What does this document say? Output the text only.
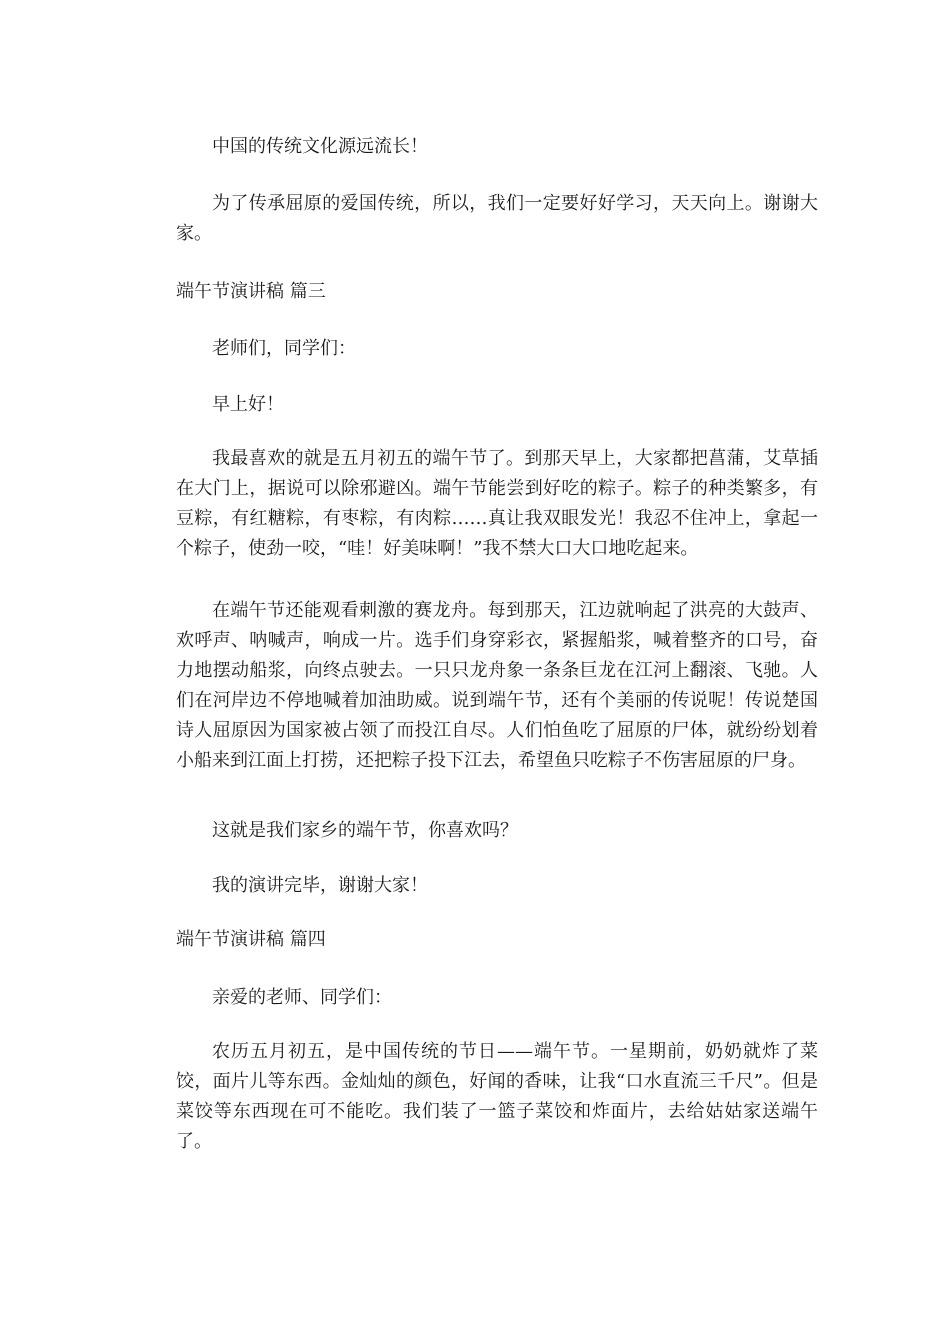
中国的传统文化源远流长！

为了传承屈原的爱国传统，所以，我们一定要好好学习，天天向上。谢谢大家。

端午节演讲稿 篇三

老师们，同学们：

早上好！

我最喜欢的就是五月初五的端午节了。到那天早上，大家都把菖蒲，艾草插在大门上，据说可以除邪避凶。端午节能尝到好吃的粽子。粽子的种类繁多，有豆粽，有红糖粽，有枣粽，有肉粽……真让我双眼发光！我忍不住冲上，拿起一个粽子，使劲一咬，“哇！好美味啊！”我不禁大口大口地吃起来。

在端午节还能观看刺激的赛龙舟。每到那天，江边就响起了洪亮的大鼓声、欢呼声、呐喊声，响成一片。选手们身穿彩衣，紧握船浆，喊着整齐的口号，奋力地摆动船浆，向终点驶去。一只只龙舟象一条条巨龙在江河上翻滚、飞驰。人们在河岸边不停地喊着加油助威。说到端午节，还有个美丽的传说呢！传说楚国诗人屈原因为国家被占领了而投江自尽。人们怕鱼吃了屈原的尸体，就纷纷划着小船来到江面上打捞，还把粽子投下江去，希望鱼只吃粽子不伤害屈原的尸身。

这就是我们家乡的端午节，你喜欢吗？

我的演讲完毕，谢谢大家！

端午节演讲稿 篇四

亲爱的老师、同学们：

农历五月初五，是中国传统的节日——端午节。一星期前，奶奶就炸了菜饺，面片儿等东西。金灿灿的颜色，好闻的香味，让我“口水直流三千尺”。但是菜饺等东西现在可不能吃。我们装了一篮子菜饺和炸面片，去给姑姑家送端午了。
